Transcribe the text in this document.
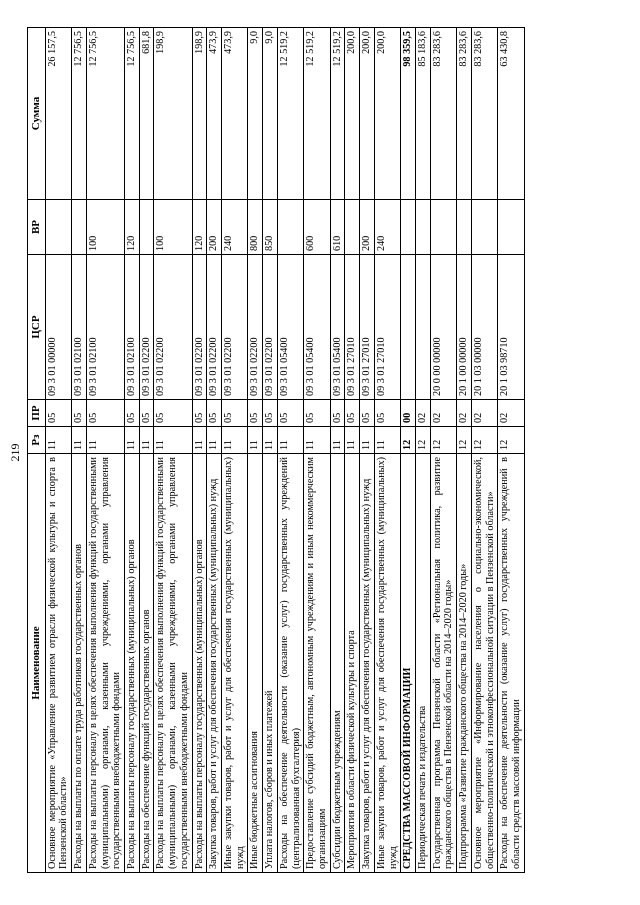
219
Наименование	Рз	ПР	ЦСР	ВР	Сумма
Основное мероприятие «Управление развитием отрасли физической культуры и спорта в Пензенской области»	11	05	09 3 01 00000		26 157,5
Расходы на выплаты по оплате труда работников государственных органов	11	05	09 3 01 02100		12 756,5
Расходы на выплаты персоналу в целях обеспечения выполнения функций государственными (муниципальными) органами, казенными учреждениями, органами управления государственными внебюджетными фондами	11	05	09 3 01 02100	100	12 756,5
Расходы на выплаты персоналу государственных (муниципальных) органов	11	05	09 3 01 02100	120	12 756,5
Расходы на обеспечение функций государственных органов	11	05	09 3 01 02200		681,8
Расходы на выплаты персоналу в целях обеспечения выполнения функций государственными (муниципальными) органами, казенными учреждениями, органами управления государственными внебюджетными фондами	11	05	09 3 01 02200	100	198,9
Расходы на выплаты персоналу государственных (муниципальных) органов	11	05	09 3 01 02200	120	198,9
Закупка товаров, работ и услуг для обеспечения государственных (муниципальных) нужд	11	05	09 3 01 02200	200	473,9
Иные закупки товаров, работ и услуг для обеспечения государственных (муниципальных) нужд	11	05	09 3 01 02200	240	473,9
Иные бюджетные ассигнования	11	05	09 3 01 02200	800	9,0
Уплата налогов, сборов и иных платежей	11	05	09 3 01 02200	850	9,0
Расходы на обеспечение деятельности (оказание услуг) государственных учреждений (централизованная бухгалтерия)	11	05	09 3 01 05400		12 519,2
Предоставление субсидий бюджетным, автономным учреждениям и иным некоммерческим организациям	11	05	09 3 01 05400	600	12 519,2
Субсидии бюджетным учреждениям	11	05	09 3 01 05400	610	12 519,2
Мероприятия в области физической культуры и спорта	11	05	09 3 01 27010		200,0
Закупка товаров, работ и услуг для обеспечения государственных (муниципальных) нужд	11	05	09 3 01 27010	200	200,0
Иные закупки товаров, работ и услуг для обеспечения государственных (муниципальных) нужд	11	05	09 3 01 27010	240	200,0
СРЕДСТВА МАССОВОЙ ИНФОРМАЦИИ	12	00			98 359,5
Периодическая печать и издательства	12	02			85 183,6
Государственная программа Пензенской области «Региональная политика, развитие гражданского общества в Пензенской области на 2014–2020 годы»	12	02	20 0 00 00000		83 283,6
Подпрограмма «Развитие гражданского общества на 2014–2020 годы»	12	02	20 1 00 00000		83 283,6
Основное мероприятие «Информирование населения о социально-экономической, общественно-политической и этноконфессиональной ситуации в Пензенской области»	12	02	20 1 03 00000		83 283,6
Расходы на обеспечение деятельности (оказание услуг) государственных учреждений в области средств массовой информации	12	02	20 1 03 98710		63 430,8
